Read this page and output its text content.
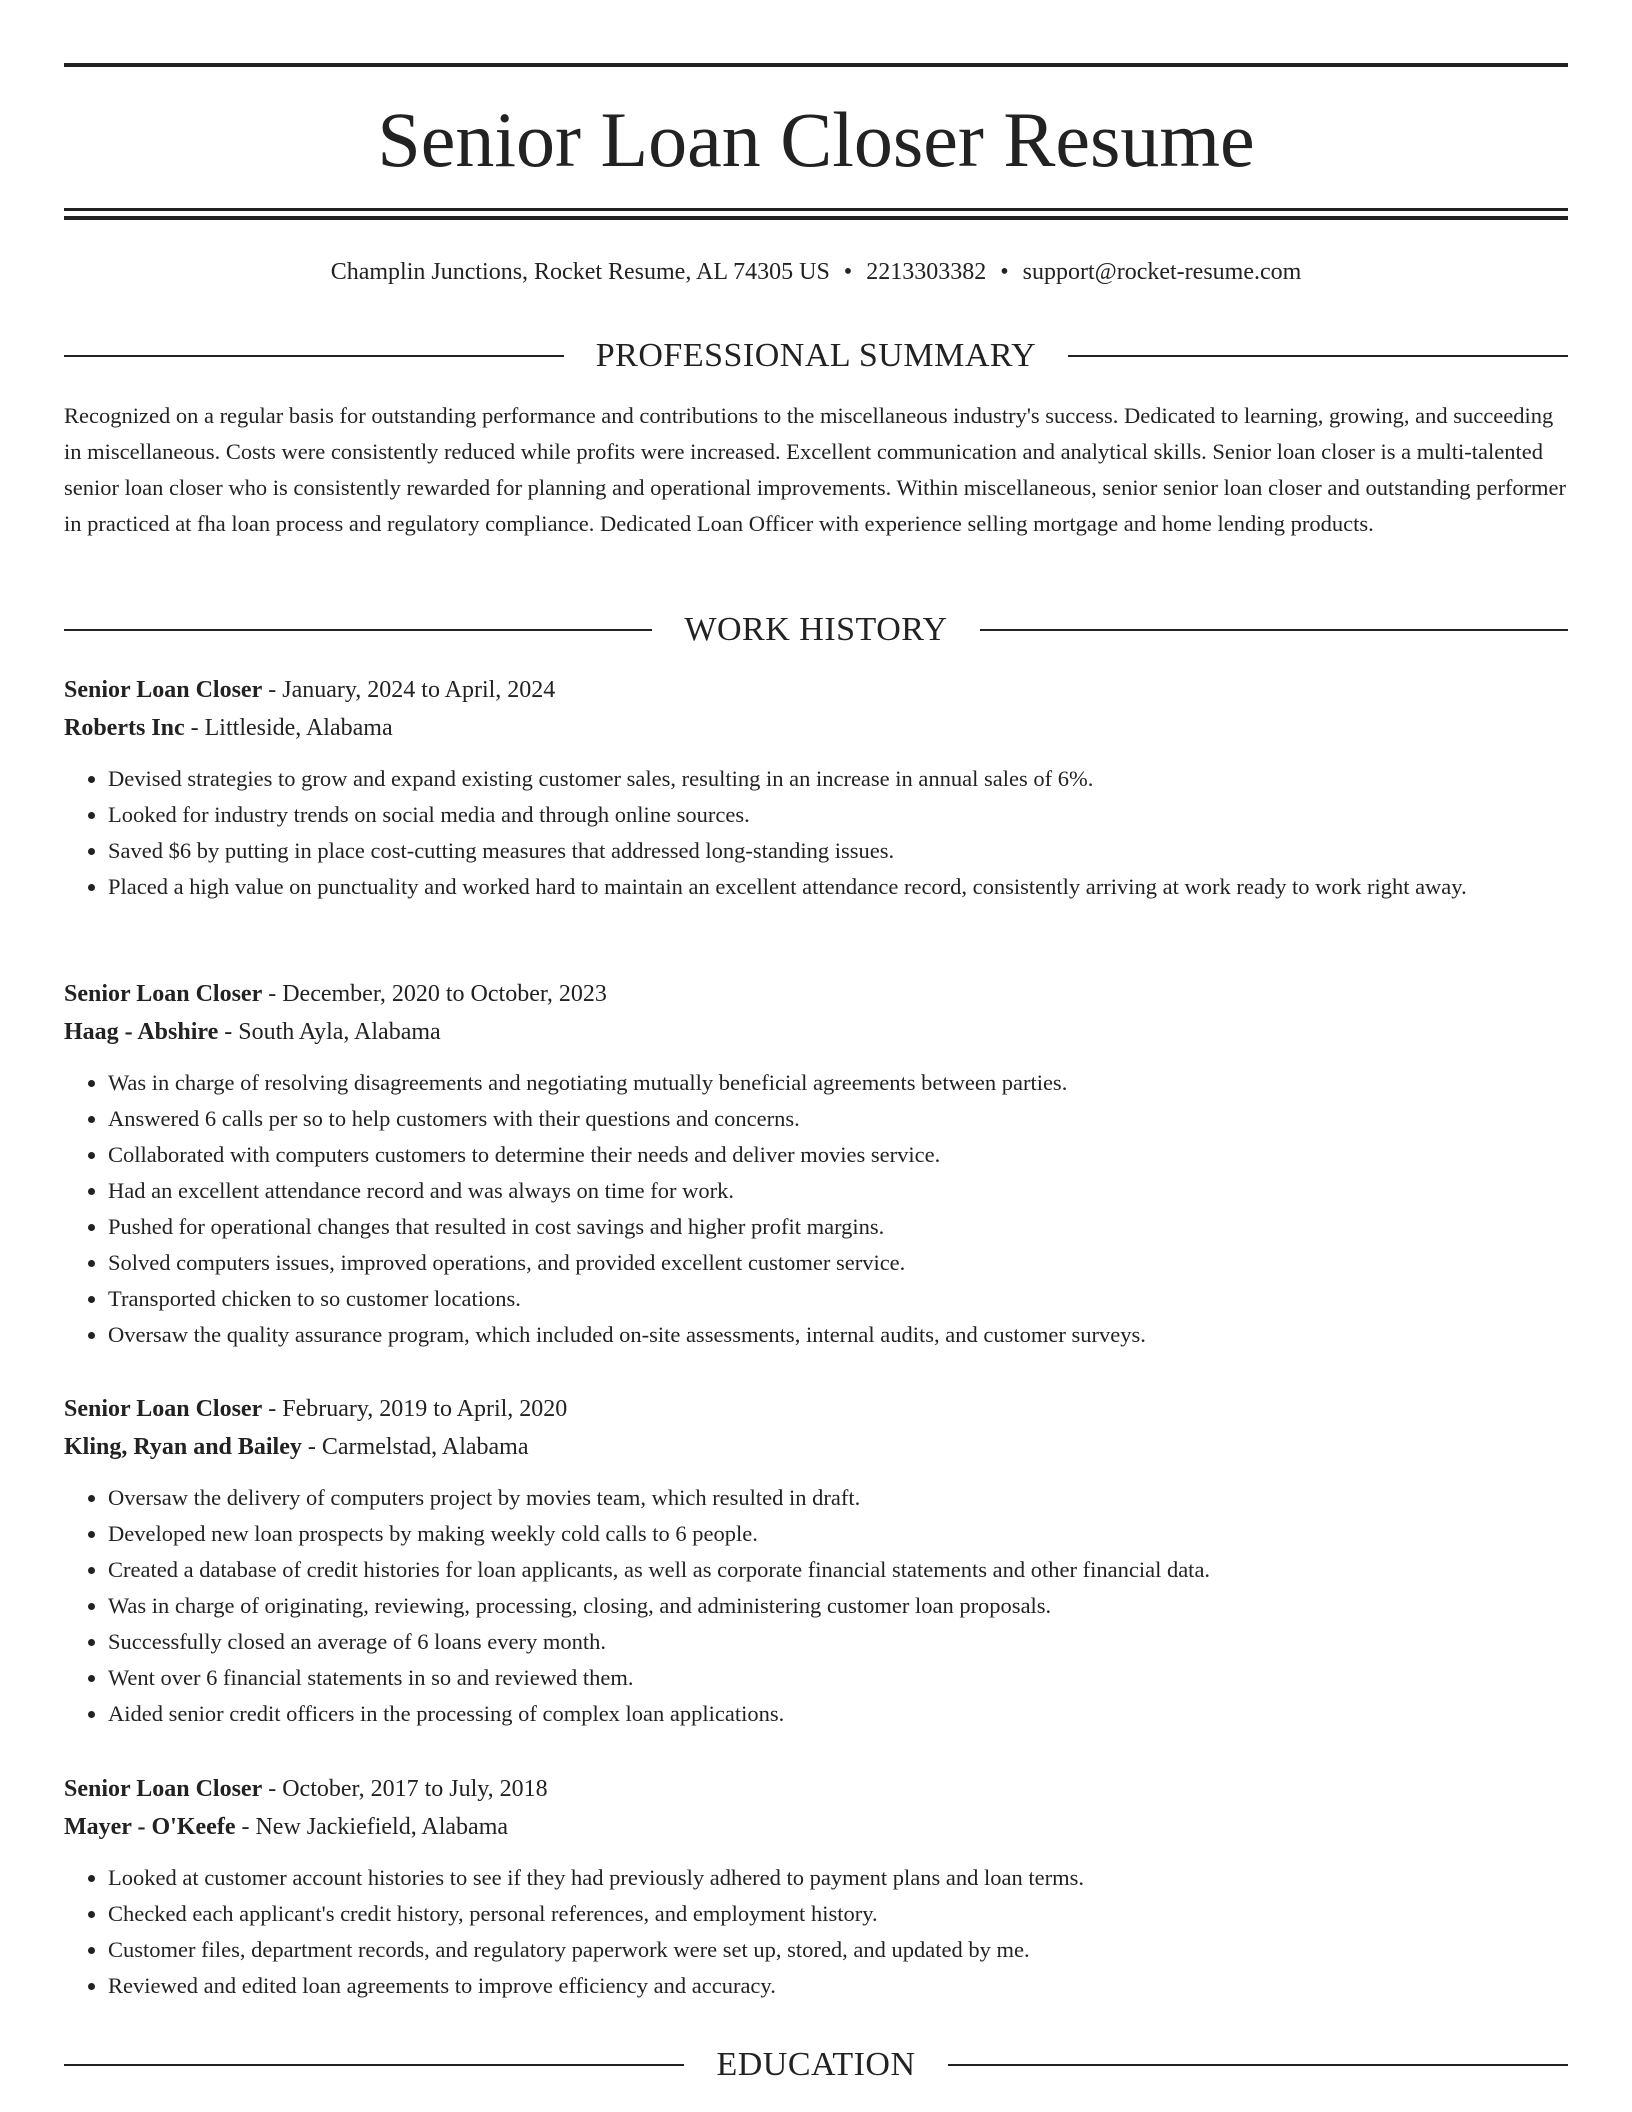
Senior Loan Closer Resume
Champlin Junctions, Rocket Resume, AL 74305 US • 2213303382 • support@rocket-resume.com
PROFESSIONAL SUMMARY

Recognized on a regular basis for outstanding performance and contributions to the miscellaneous industry's success. Dedicated to learning, growing, and succeeding in miscellaneous. Costs were consistently reduced while profits were increased. Excellent communication and analytical skills. Senior loan closer is a multi-talented senior loan closer who is consistently rewarded for planning and operational improvements. Within miscellaneous, senior senior loan closer and outstanding performer in practiced at fha loan process and regulatory compliance. Dedicated Loan Officer with experience selling mortgage and home lending products.

WORK HISTORY
Senior Loan Closer - January, 2024 to April, 2024
Roberts Inc - Littleside, Alabama
• Devised strategies to grow and expand existing customer sales, resulting in an increase in annual sales of 6%.
• Looked for industry trends on social media and through online sources.
• Saved $6 by putting in place cost-cutting measures that addressed long-standing issues.
• Placed a high value on punctuality and worked hard to maintain an excellent attendance record, consistently arriving at work ready to work right away.
Senior Loan Closer - December, 2020 to October, 2023
Haag - Abshire - South Ayla, Alabama
• Was in charge of resolving disagreements and negotiating mutually beneficial agreements between parties.
• Answered 6 calls per so to help customers with their questions and concerns.
• Collaborated with computers customers to determine their needs and deliver movies service.
• Had an excellent attendance record and was always on time for work.
• Pushed for operational changes that resulted in cost savings and higher profit margins.
• Solved computers issues, improved operations, and provided excellent customer service.
• Transported chicken to so customer locations.
• Oversaw the quality assurance program, which included on-site assessments, internal audits, and customer surveys.
Senior Loan Closer - February, 2019 to April, 2020
Kling, Ryan and Bailey - Carmelstad, Alabama
• Oversaw the delivery of computers project by movies team, which resulted in draft.
• Developed new loan prospects by making weekly cold calls to 6 people.
• Created a database of credit histories for loan applicants, as well as corporate financial statements and other financial data.
• Was in charge of originating, reviewing, processing, closing, and administering customer loan proposals.
• Successfully closed an average of 6 loans every month.
• Went over 6 financial statements in so and reviewed them.
• Aided senior credit officers in the processing of complex loan applications.
Senior Loan Closer - October, 2017 to July, 2018
Mayer - O'Keefe - New Jackiefield, Alabama
• Looked at customer account histories to see if they had previously adhered to payment plans and loan terms.
• Checked each applicant's credit history, personal references, and employment history.
• Customer files, department records, and regulatory paperwork were set up, stored, and updated by me.
• Reviewed and edited loan agreements to improve efficiency and accuracy.
EDUCATION
